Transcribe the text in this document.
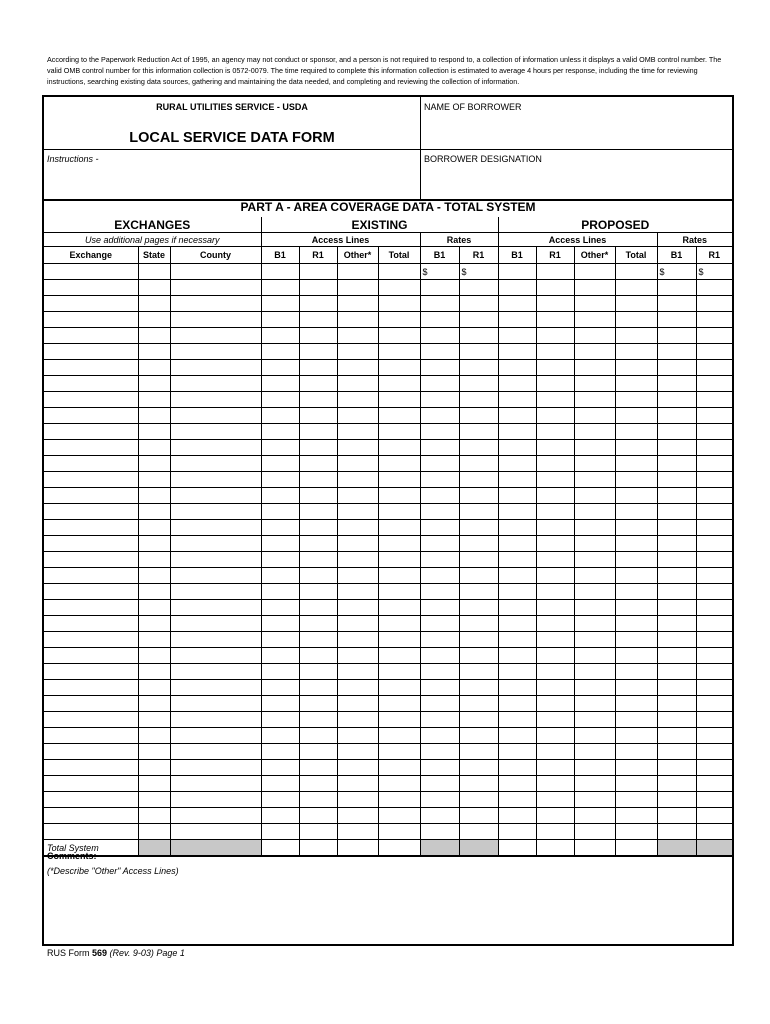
According to the Paperwork Reduction Act of 1995, an agency may not conduct or sponsor, and a person is not required to respond to, a collection of information unless it displays a valid OMB control number. The valid OMB control number for this information collection is 0572-0079. The time required to complete this information collection is estimated to average 4 hours per response, including the time for reviewing instructions, searching existing data sources, gathering and maintaining the data needed, and completing and reviewing the collection of information.
RURAL UTILITIES SERVICE - USDA
LOCAL SERVICE DATA FORM
Instructions -
NAME OF BORROWER
BORROWER DESIGNATION
PART A - AREA COVERAGE DATA - TOTAL SYSTEM
EXCHANGES			EXISTING						PROPOSED					
Use additional pages if necessary			Access Lines				Rates		Access Lines				Rates	
Exchange	State	County	B1	R1	Other*	Total	B1	R1	B1	R1	Other*	Total	B1	R1
							$	$					$	$

Total System														

Comments:
(*Describe "Other" Access Lines)
RUS Form 569 (Rev. 9-03) Page 1
